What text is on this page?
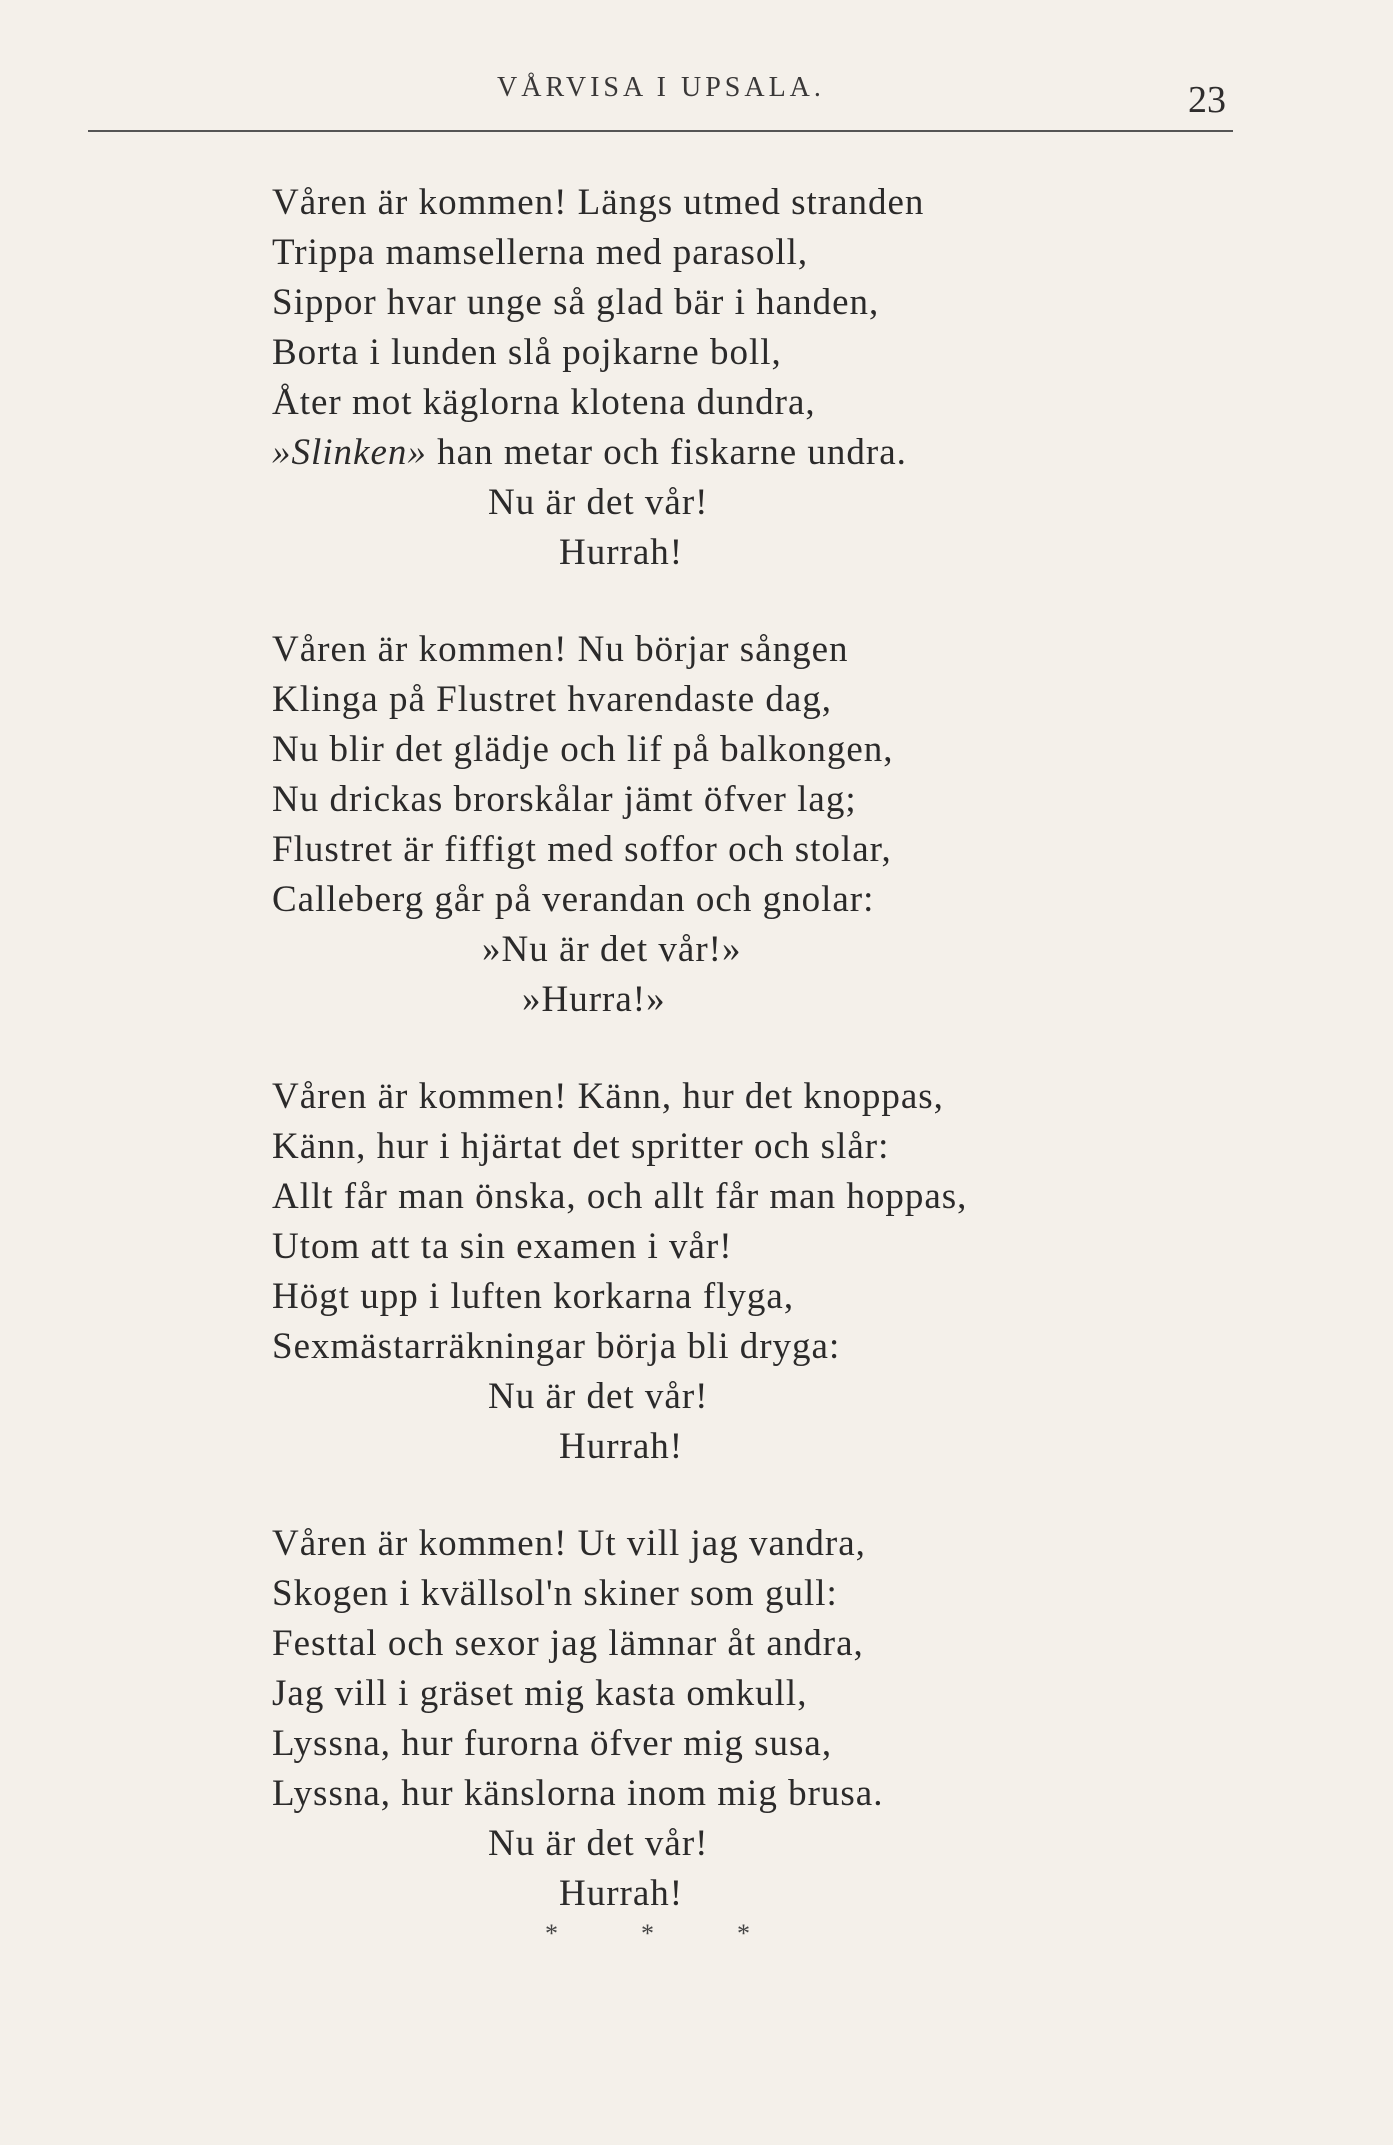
VÅRVISA I UPSALA.	23
Våren är kommen! Längs utmed stranden
Trippa mamsellerna med parasoll,
Sippor hvar unge så glad bär i handen,
Borta i lunden slå pojkarne boll,
Åter mot käglorna klotena dundra,
»Slinken» han metar och fiskarne undra.
Nu är det vår!
Hurrah!
Våren är kommen! Nu börjar sången
Klinga på Flustret hvarendaste dag,
Nu blir det glädje och lif på balkongen,
Nu drickas brorskålar jämt öfver lag;
Flustret är fiffigt med soffor och stolar,
Calleberg går på verandan och gnolar:
»Nu är det vår!»
»Hurra!»
Våren är kommen! Känn, hur det knoppas,
Känn, hur i hjärtat det spritter och slår:
Allt får man önska, och allt får man hoppas,
Utom att ta sin examen i vår!
Högt upp i luften korkarna flyga,
Sexmästarräkningar börja bli dryga:
Nu är det vår!
Hurrah!
Våren är kommen! Ut vill jag vandra,
Skogen i kvällsol'n skiner som gull:
Festtal och sexor jag lämnar åt andra,
Jag vill i gräset mig kasta omkull,
Lyssna, hur furorna öfver mig susa,
Lyssna, hur känslorna inom mig brusa.
Nu är det vår!
Hurrah!
*	*	*
